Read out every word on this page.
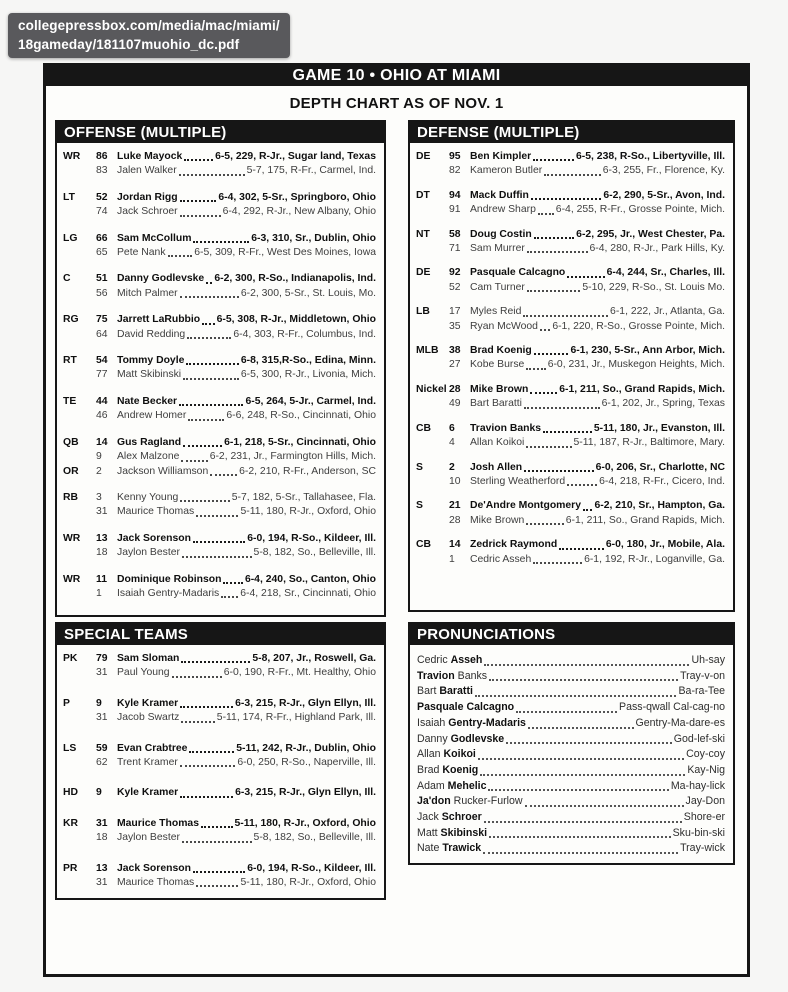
collegepressbox.com/media/mac/miami/
18gameday/181107muohio_dc.pdf
GAME 10 • OHIO AT MIAMI
DEPTH CHART AS OF NOV. 1
OFFENSE (MULTIPLE)
WR	86 Luke Mayock	6-5, 229, R-Jr., Sugar land, Texas
83 Jalen Walker	5-7, 175, R-Fr., Carmel, Ind.
LT	52 Jordan Rigg	6-4, 302, 5-Sr., Springboro, Ohio
74 Jack Schroer	6-4, 292, R-Jr., New Albany, Ohio
LG	66 Sam McCollum	6-3, 310, Sr., Dublin, Ohio
65 Pete Nank	6-5, 309, R-Fr., West Des Moines, Iowa
C	51 Danny Godlevske 6-2, 300, R-So., Indianapolis, Ind.
56 Mitch Palmer	6-2, 300, 5-Sr., St. Louis, Mo.
RG	75 Jarrett LaRubbio 6-5, 308, R-Jr., Middletown, Ohio
64 David Redding	6-4, 303, R-Fr., Columbus, Ind.
RT	54 Tommy Doyle	6-8, 315,R-So., Edina, Minn.
77 Matt Skibinski	6-5, 300, R-Jr., Livonia, Mich.
TE	44 Nate Becker	6-5, 264, 5-Jr., Carmel, Ind.
46 Andrew Homer	6-6, 248, R-So., Cincinnati, Ohio
QB	14 Gus Ragland	6-1, 218, 5-Sr., Cincinnati, Ohio
9	Alex Malzone	6-2, 231, Jr., Farmington Hills, Mich.
OR	2	Jackson Williamson	6-2, 210, R-Fr., Anderson, SC
RB	3	Kenny Young	5-7, 182, 5-Sr., Tallahasee, Fla.
31 Maurice Thomas	5-11, 180, R-Jr., Oxford, Ohio
WR	13 Jack Sorenson	6-0, 194, R-So., Kildeer, Ill.
18 Jaylon Bester	5-8, 182, So., Belleville, Ill.
WR	11 Dominique Robinson 6-4, 240, So., Canton, Ohio
1	Isaiah Gentry-Madaris 6-4, 218, Sr., Cincinnati, Ohio
DEFENSE (MULTIPLE)
DE	95 Ben Kimpler	6-5, 238, R-So., Libertyville, Ill.
82 Kameron Butler	6-3, 255, Fr., Florence, Ky.
DT	94 Mack Duffin	6-2, 290, 5-Sr., Avon, Ind.
91 Andrew Sharp 6-4, 255, R-Fr., Grosse Pointe, Mich.
NT	58 Doug Costin	6-2, 295, Jr., West Chester, Pa.
71 Sam Murrer	6-4, 280, R-Jr., Park Hills, Ky.
DE	92 Pasquale Calcagno	6-4, 244, Sr., Charles, Ill.
52 Cam Turner	5-10, 229, R-So., St. Louis Mo.
LB	17 Myles Reid	6-1, 222, Jr., Atlanta, Ga.
35 Ryan McWood 6-1, 220, R-So., Grosse Pointe, Mich.
MLB	38 Brad Koenig	6-1, 230, 5-Sr., Ann Arbor, Mich.
27 Kobe Burse 6-0, 231, Jr., Muskegon Heights, Mich.
Nickel 28 Mike Brown	6-1, 211, So., Grand Rapids, Mich.
49 Bart Baratti	6-1, 202, Jr., Spring, Texas
CB	6	Travion Banks	5-11, 180, Jr., Evanston, Ill.
4	Allan Koikoi	5-11, 187, R-Jr., Baltimore, Mary.
S	2	Josh Allen	6-0, 206, Sr., Charlotte, NC
10 Sterling Weatherford	6-4, 218, R-Fr., Cicero, Ind.
S	21 De'Andre Montgomery 6-2, 210, Sr., Hampton, Ga.
28 Mike Brown	6-1, 211, So., Grand Rapids, Mich.
CB	14 Zedrick Raymond	6-0, 180, Jr., Mobile, Ala.
1	Cedric Asseh	6-1, 192, R-Jr., Loganville, Ga.
SPECIAL TEAMS
PK	79 Sam Sloman	5-8, 207, Jr., Roswell, Ga.
31 Paul Young	6-0, 190, R-Fr., Mt. Healthy, Ohio
P	9	Kyle Kramer	6-3, 215, R-Jr., Glyn Ellyn, Ill.
31 Jacob Swartz	5-11, 174, R-Fr., Highland Park, Ill.
LS	59 Evan Crabtree	5-11, 242, R-Jr., Dublin, Ohio
62 Trent Kramer	6-0, 250, R-So., Naperville, Ill.
HD	9	Kyle Kramer	6-3, 215, R-Jr., Glyn Ellyn, Ill.
KR	31 Maurice Thomas	5-11, 180, R-Jr., Oxford, Ohio
18 Jaylon Bester	5-8, 182, So., Belleville, Ill.
PR	13 Jack Sorenson	6-0, 194, R-So., Kildeer, Ill.
31 Maurice Thomas	5-11, 180, R-Jr., Oxford, Ohio
PRONUNCIATIONS
Cedric Asseh	Uh-say
Travion Banks	Tray-v-on
Bart Baratti	Ba-ra-Tee
Pasquale Calcagno	Pass-qwall Cal-cag-no
Isaiah Gentry-Madaris	Gentry-Ma-dare-es
Danny Godlevske	God-lef-ski
Allan Koikoi	Coy-coy
Brad Koenig	Kay-Nig
Adam Mehelic	Ma-hay-lick
Ja'don Rucker-Furlow	Jay-Don
Jack Schroer	Shore-er
Matt Skibinski	Sku-bin-ski
Nate Trawick	Tray-wick
